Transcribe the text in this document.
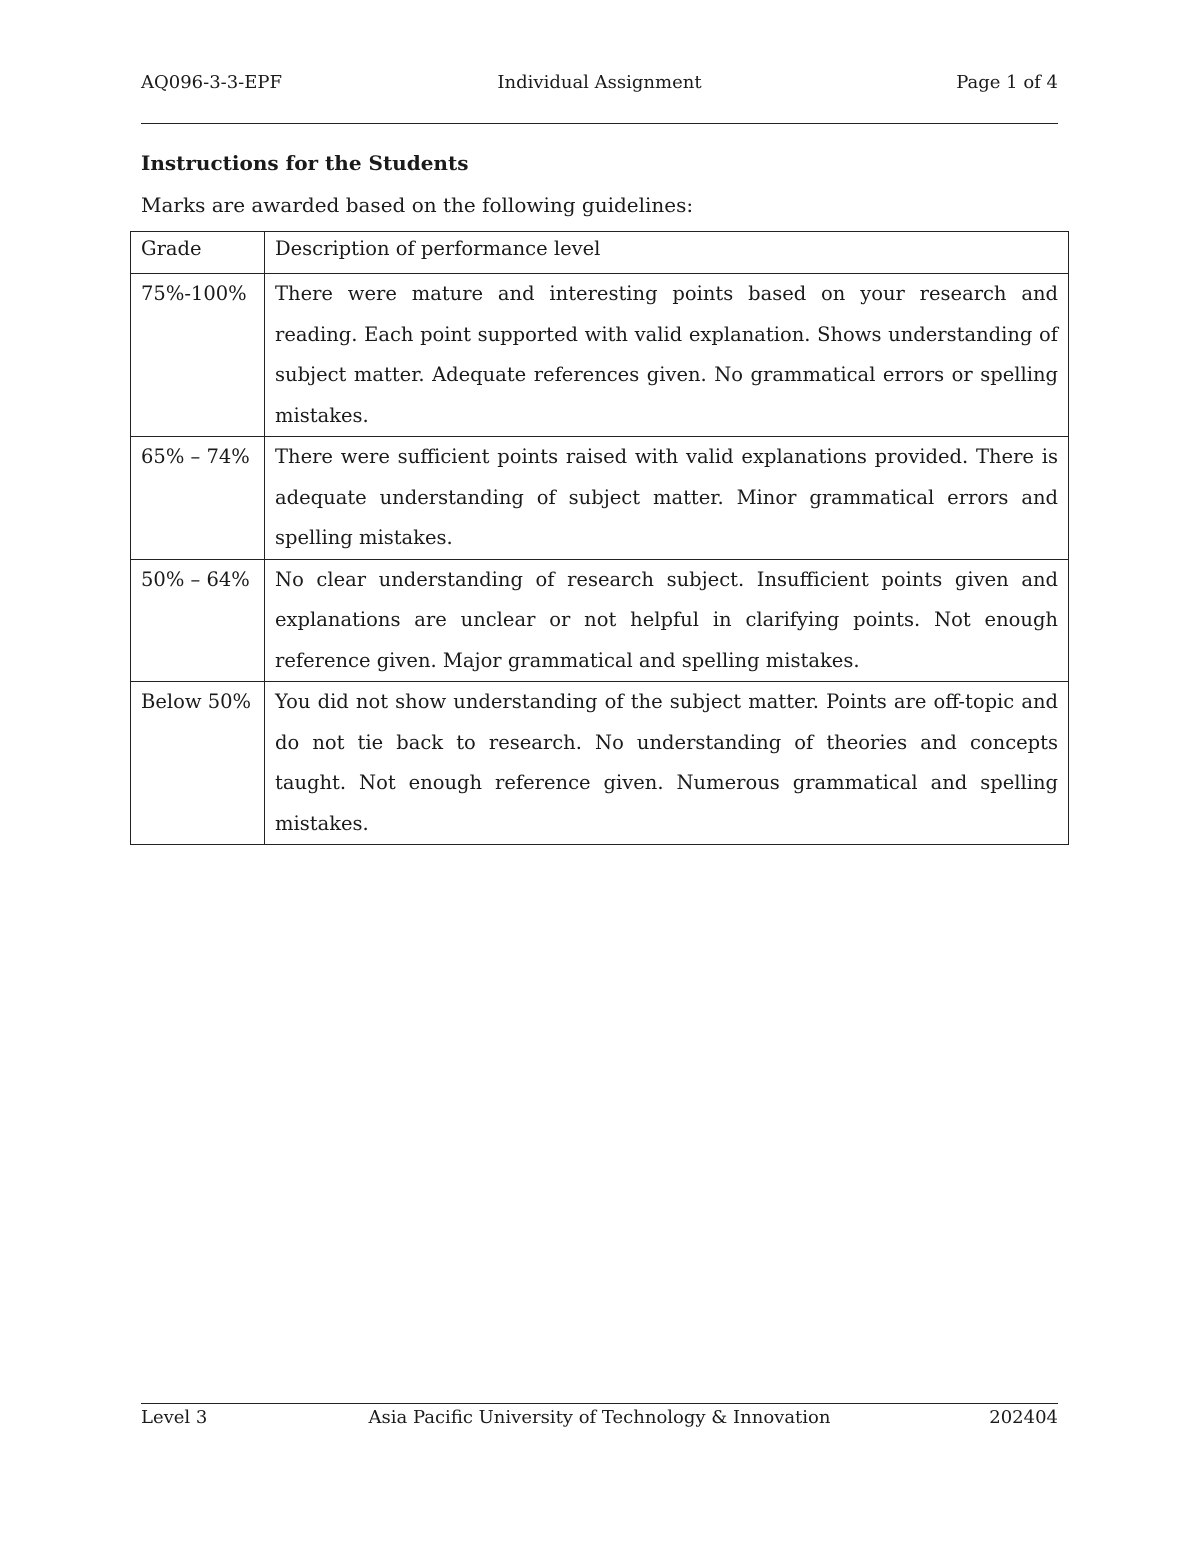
AQ096-3-3-EPF	Individual Assignment	Page 1 of 4
Instructions for the Students
Marks are awarded based on the following guidelines:
Grade	Description of performance level
75%-100%	There were mature and interesting points based on your research and reading. Each point supported with valid explanation. Shows understanding of subject matter. Adequate references given. No grammatical errors or spelling mistakes.
65% – 74%	There were sufficient points raised with valid explanations provided. There is adequate understanding of subject matter. Minor grammatical errors and spelling mistakes.
50% – 64%	No clear understanding of research subject. Insufficient points given and explanations are unclear or not helpful in clarifying points. Not enough reference given. Major grammatical and spelling mistakes.
Below 50%	You did not show understanding of the subject matter. Points are off-topic and do not tie back to research. No understanding of theories and concepts taught. Not enough reference given. Numerous grammatical and spelling mistakes.
Level 3	Asia Pacific University of Technology & Innovation	202404
